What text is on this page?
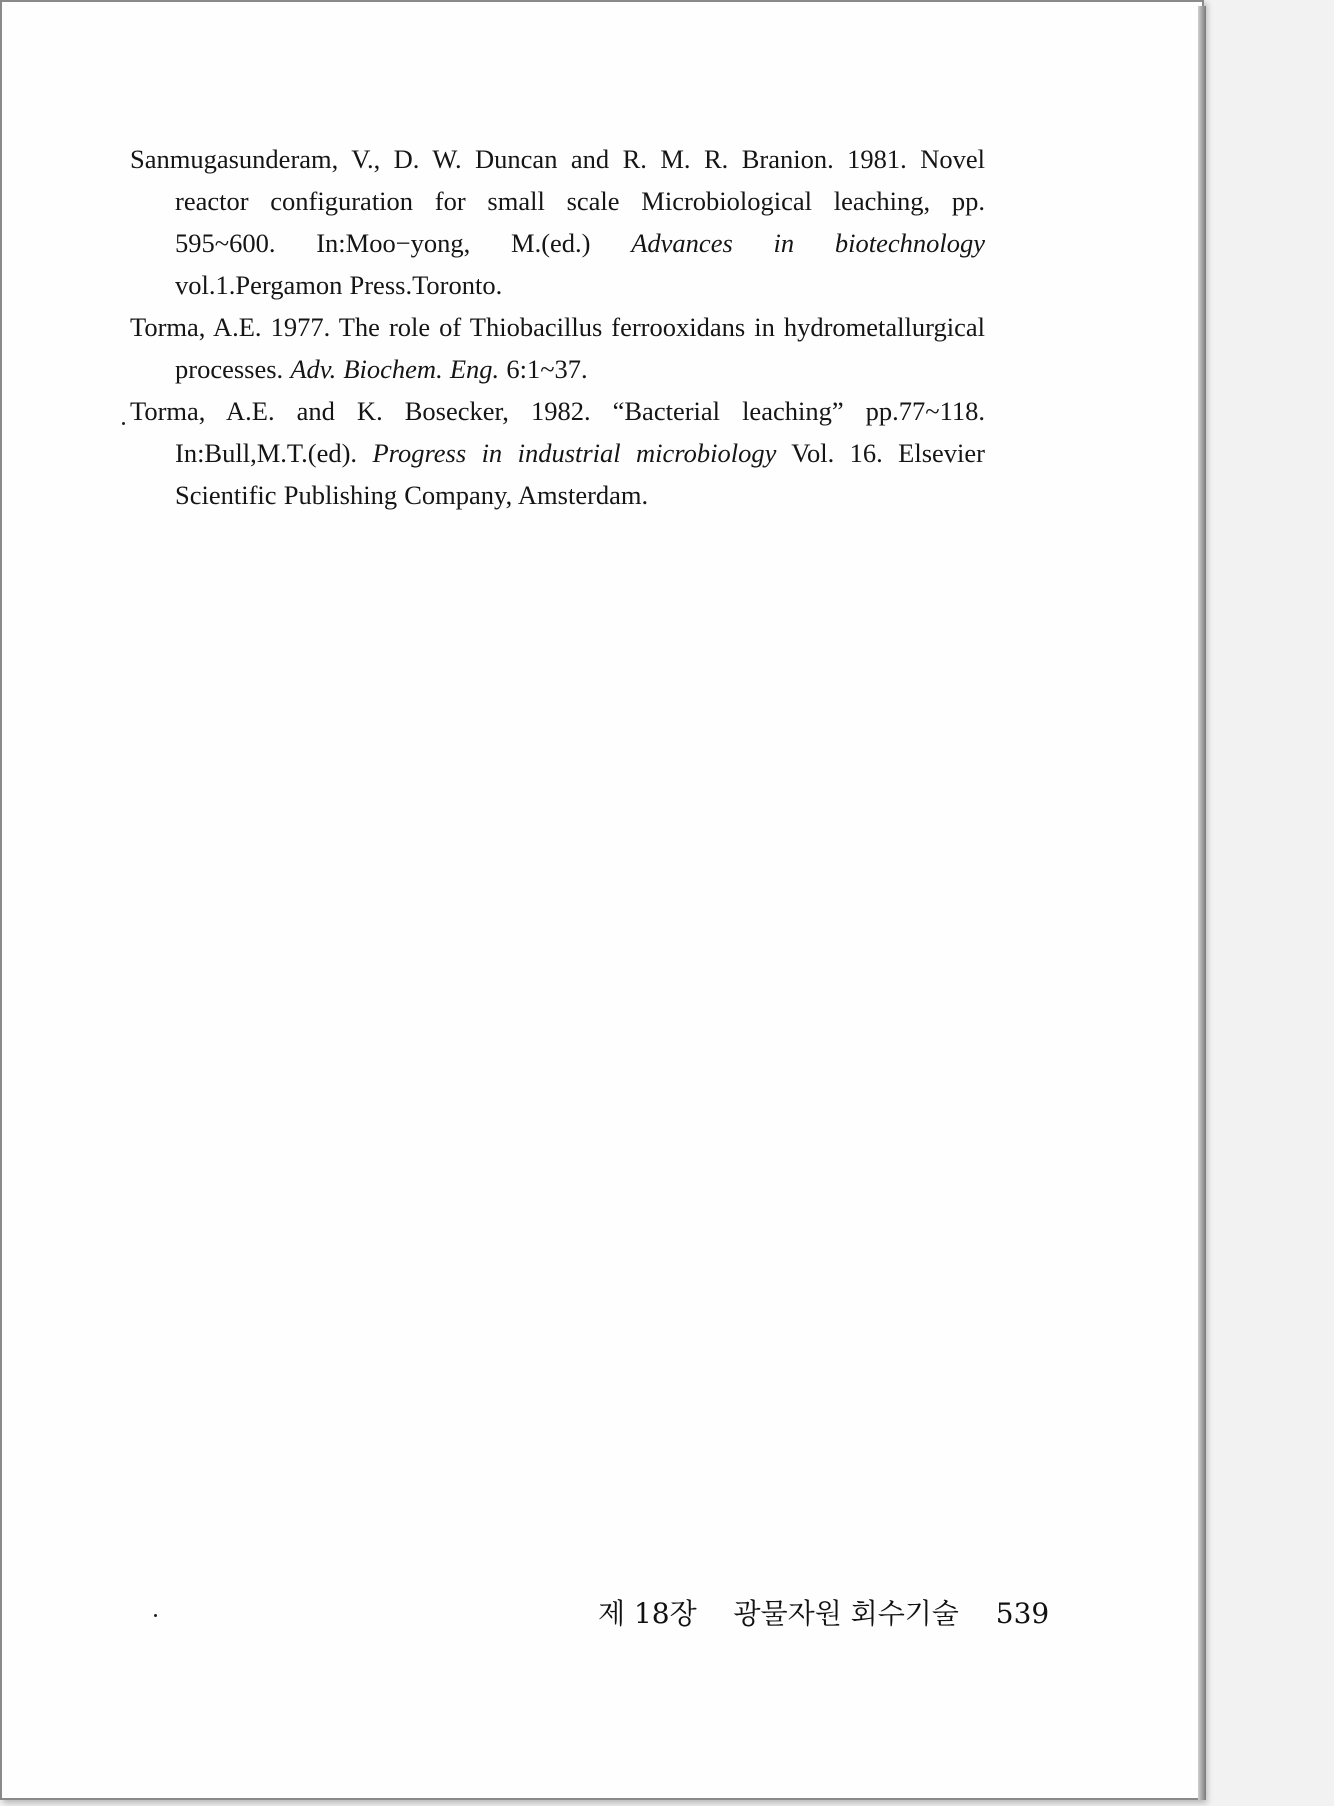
Sanmugasunderam, V., D. W. Duncan and R. M. R. Branion. 1981. Novel reactor configuration for small scale Microbiological leaching, pp. 595~600. In:Moo−yong, M.(ed.) Advances in biotechnology vol.1.Pergamon Press.Toronto.

Torma, A.E. 1977. The role of Thiobacillus ferrooxidans in hydrometallurgical processes. Adv. Biochem. Eng. 6:1~37.

Torma, A.E. and K. Bosecker, 1982. “Bacterial leaching” pp.77~118. In:Bull,M.T.(ed). Progress in industrial microbiology Vol. 16. Elsevier Scientific Publishing Company, Amsterdam.

제 18장 광물자원 회수기술 539
